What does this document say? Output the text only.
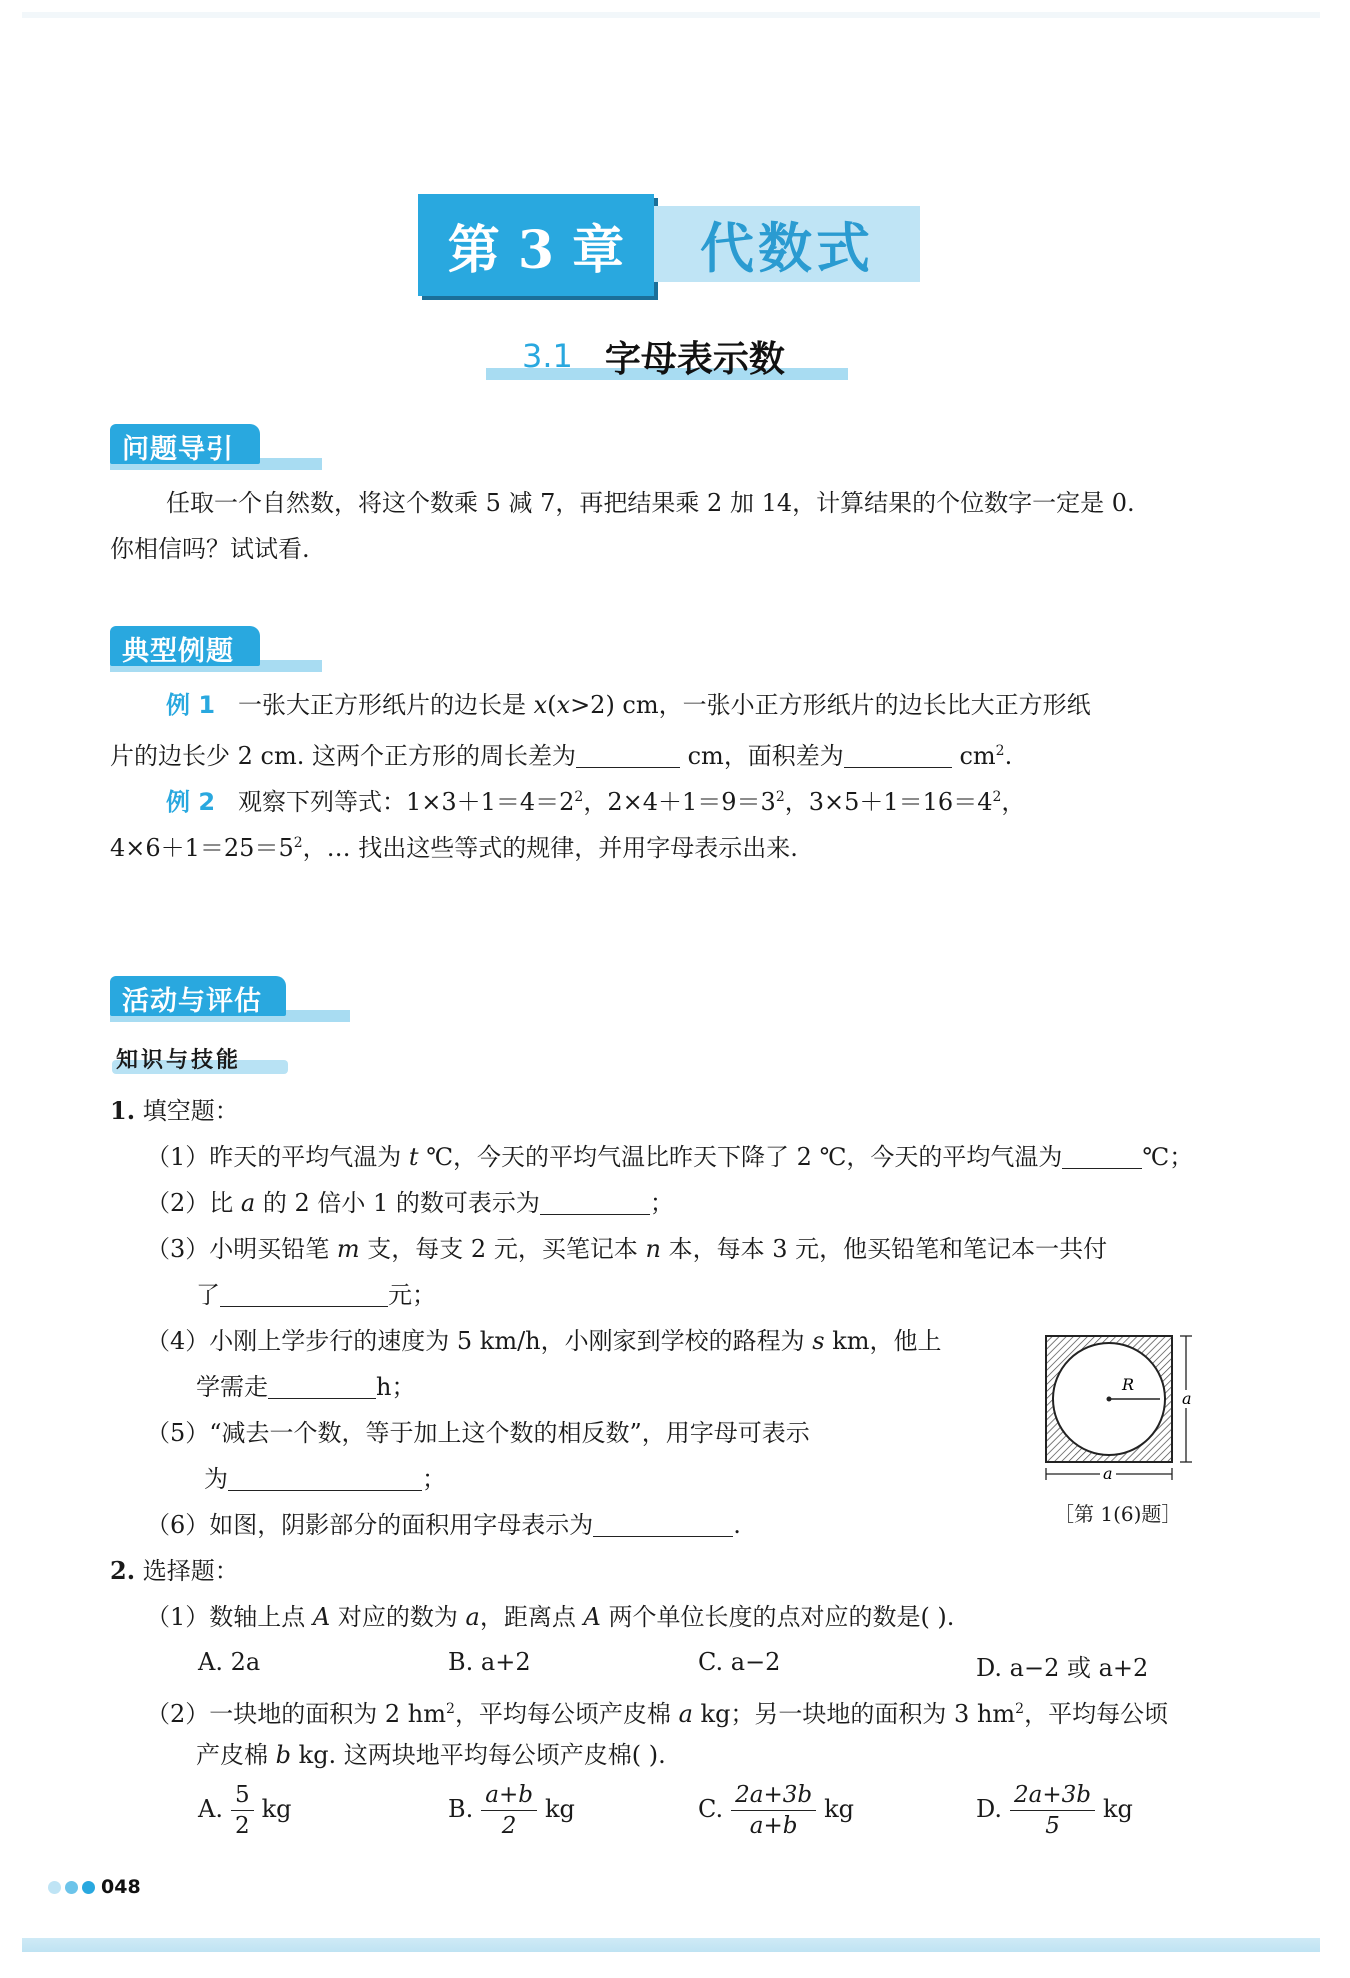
第 3 章	代数式
3.1 字母表示数
问题导引
任取一个自然数，将这个数乘 5 减 7，再把结果乘 2 加 14，计算结果的个位数字一定是 0.
你相信吗？试试看.
典型例题
例 1 一张大正方形纸片的边长是 x(x>2) cm，一张小正方形纸片的边长比大正方形纸
片的边长少 2 cm. 这两个正方形的周长差为	cm，面积差为	$cm^2$.
例 2 观察下列等式：$1\times 3+1=4=2^2$，$2\times 4+1=9=3^2$，$3\times 5+1=16=4^2$，
$4\times 6+1=25=5^2$，… 找出这些等式的规律，并用字母表示出来.
活动与评估
知识与技能
1. 填空题：
（1）昨天的平均气温为 t ℃，今天的平均气温比昨天下降了 2 ℃，今天的平均气温为	℃；
（2）比 a 的 2 倍小 1 的数可表示为	；
（3）小明买铅笔 m 支，每支 2 元，买笔记本 n 本，每本 3 元，他买铅笔和笔记本一共付
了	元；
（4）小刚上学步行的速度为 5 km/h，小刚家到学校的路程为 s km，他上
学需走	h；
（5）“减去一个数，等于加上这个数的相反数”，用字母可表示
为	；
（6）如图，阴影部分的面积用字母表示为	.
R
a
a
［第 1(6)题］
2. 选择题：
（1）数轴上点 A 对应的数为 a，距离点 A 两个单位长度的点对应的数是( ).
A. 2a	B. a+2	C. a−2	D. a−2 或 a+2
（2）一块地的面积为 2 $hm^2$，平均每公顷产皮棉 a kg；另一块地的面积为 3 $hm^2$，平均每公顷
产皮棉 b kg. 这两块地平均每公顷产皮棉( ).
A. $\frac{5}{2}$ kg	B. $\frac{a+b}{2}$ kg	C. $\frac{2a+3b}{a+b}$ kg	D. $\frac{2a+3b}{5}$ kg
048
